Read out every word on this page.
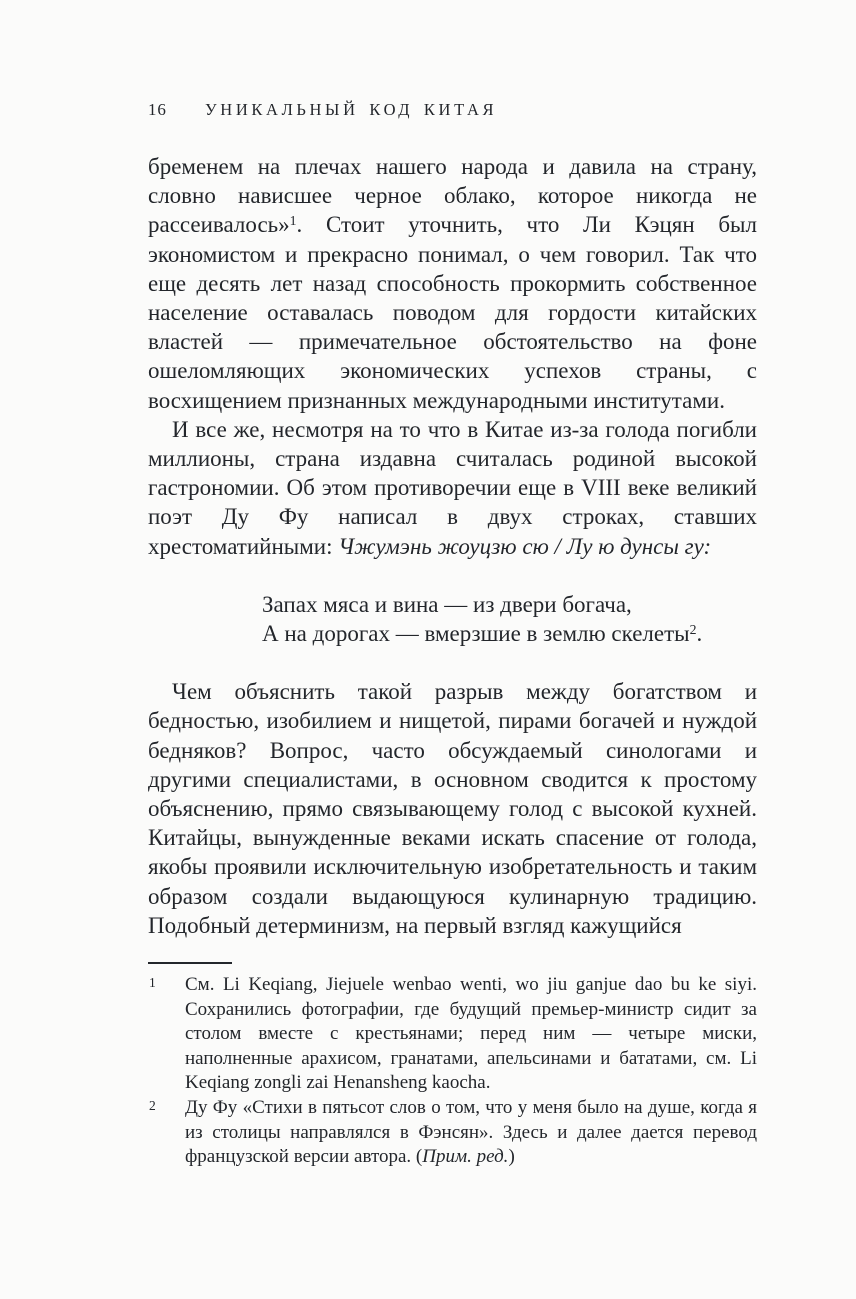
16	УНИКАЛЬНЫЙ КОД КИТАЯ

бременем на плечах нашего народа и давила на страну, словно нависшее черное облако, которое никогда не рассеивалось»$^1$. Стоит уточнить, что Ли Кэцян был экономистом и прекрасно понимал, о чем говорил. Так что еще десять лет назад способность прокормить собственное население оставалась поводом для гордости китайских властей — примечательное обстоятельство на фоне ошеломляющих экономических успехов страны, с восхищением признанных международными институтами.

И все же, несмотря на то что в Китае из-за голода погибли миллионы, страна издавна считалась родиной высокой гастрономии. Об этом противоречии еще в VIII веке великий поэт Ду Фу написал в двух строках, ставших хрестоматийными: Чжумэнь жоуцзю сю / Лу ю дунсы гу:

Запах мяса и вина — из двери богача,
А на дорогах — вмерзшие в землю скелеты$^2$.

Чем объяснить такой разрыв между богатством и бедностью, изобилием и нищетой, пирами богачей и нуждой бедняков? Вопрос, часто обсуждаемый синологами и другими специалистами, в основном сводится к простому объяснению, прямо связывающему голод с высокой кухней. Китайцы, вынужденные веками искать спасение от голода, якобы проявили исключительную изобретательность и таким образом создали выдающуюся кулинарную традицию. Подобный детерминизм, на первый взгляд кажущийся

1 См. Li Keqiang, Jiejuele wenbao wenti, wo jiu ganjue dao bu ke siyi. Сохранились фотографии, где будущий премьер-министр сидит за столом вместе с крестьянами; перед ним — четыре миски, наполненные арахисом, гранатами, апельсинами и бататами, см. Li Keqiang zongli zai Henansheng kaocha.
2 Ду Фу «Стихи в пятьсот слов о том, что у меня было на душе, когда я из столицы направлялся в Фэнсян». Здесь и далее дается перевод французской версии автора. (Прим. ред.)
